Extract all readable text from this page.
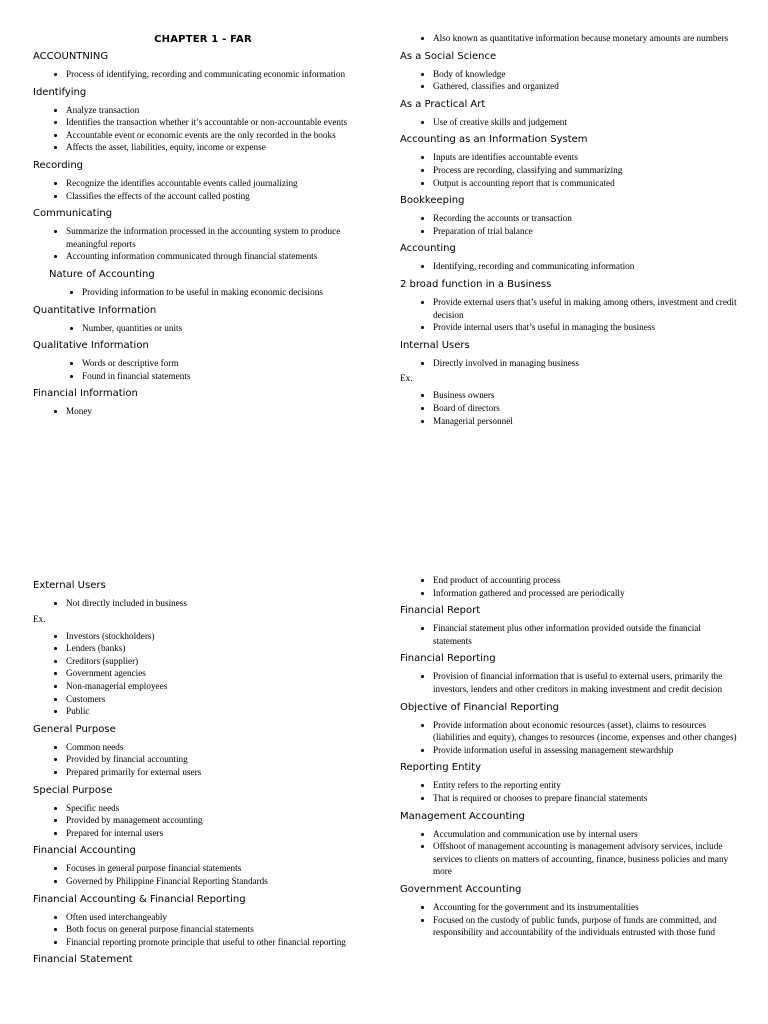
CHAPTER 1 - FAR
ACCOUNTNING
• Process of identifying, recording and communicating economic information
Identifying
• Analyze transaction
• Identifies the transaction whether it’s accountable or non-accountable events
• Accountable event or economic events are the only recorded in the books
• Affects the asset, liabilities, equity, income or expense
Recording
• Recognize the identifies accountable events called journalizing
• Classifies the effects of the account called posting
Communicating
• Summarize the information processed in the accounting system to produce meaningful reports
• Accounting information communicated through financial statements
Nature of Accounting
• Providing information to be useful in making economic decisions
Quantitative Information
• Number, quantities or units
Qualitative Information
• Words or descriptive form
• Found in financial statements
Financial Information
• Money
• Also known as quantitative information because monetary amounts are numbers
As a Social Science
• Body of knowledge
• Gathered, classifies and organized
As a Practical Art
• Use of creative skills and judgement
Accounting as an Information System
• Inputs are identifies accountable events
• Process are recording, classifying and summarizing
• Output is accounting report that is communicated
Bookkeeping
• Recording the accounts or transaction
• Preparation of trial balance
Accounting
• Identifying, recording and communicating information
2 broad function in a Business
• Provide external users that’s useful in making among others, investment and credit decision
• Provide internal users that’s useful in managing the business
Internal Users
• Directly involved in managing business
Ex.
• Business owners
• Board of directors
• Managerial personnel
External Users
• Not directly included in business
Ex.
• Investors (stockholders)
• Lenders (banks)
• Creditors (supplier)
• Government agencies
• Non-managerial employees
• Customers
• Public
General Purpose
• Common needs
• Provided by financial accounting
• Prepared primarily for external users
Special Purpose
• Specific needs
• Provided by management accounting
• Prepared for internal users
Financial Accounting
• Focuses in general purpose financial statements
• Governed by Philippine Financial Reporting Standards
Financial Accounting & Financial Reporting
• Often used interchangeably
• Both focus on general purpose financial statements
• Financial reporting promote principle that useful to other financial reporting
Financial Statement
• End product of accounting process
• Information gathered and processed are periodically
Financial Report
• Financial statement plus other information provided outside the financial statements
Financial Reporting
• Provision of financial information that is useful to external users, primarily the investors, lenders and other creditors in making investment and credit decision
Objective of Financial Reporting
• Provide information about economic resources (asset), claims to resources (liabilities and equity), changes to resources (income, expenses and other changes)
• Provide information useful in assessing management stewardship
Reporting Entity
• Entity refers to the reporting entity
• That is required or chooses to prepare financial statements
Management Accounting
• Accumulation and communication use by internal users
• Offshoot of management accounting is management advisory services, include services to clients on matters of accounting, finance, business policies and many more
Government Accounting
• Accounting for the government and its instrumentalities
• Focused on the custody of public funds, purpose of funds are committed, and responsibility and accountability of the individuals entrusted with those fund
